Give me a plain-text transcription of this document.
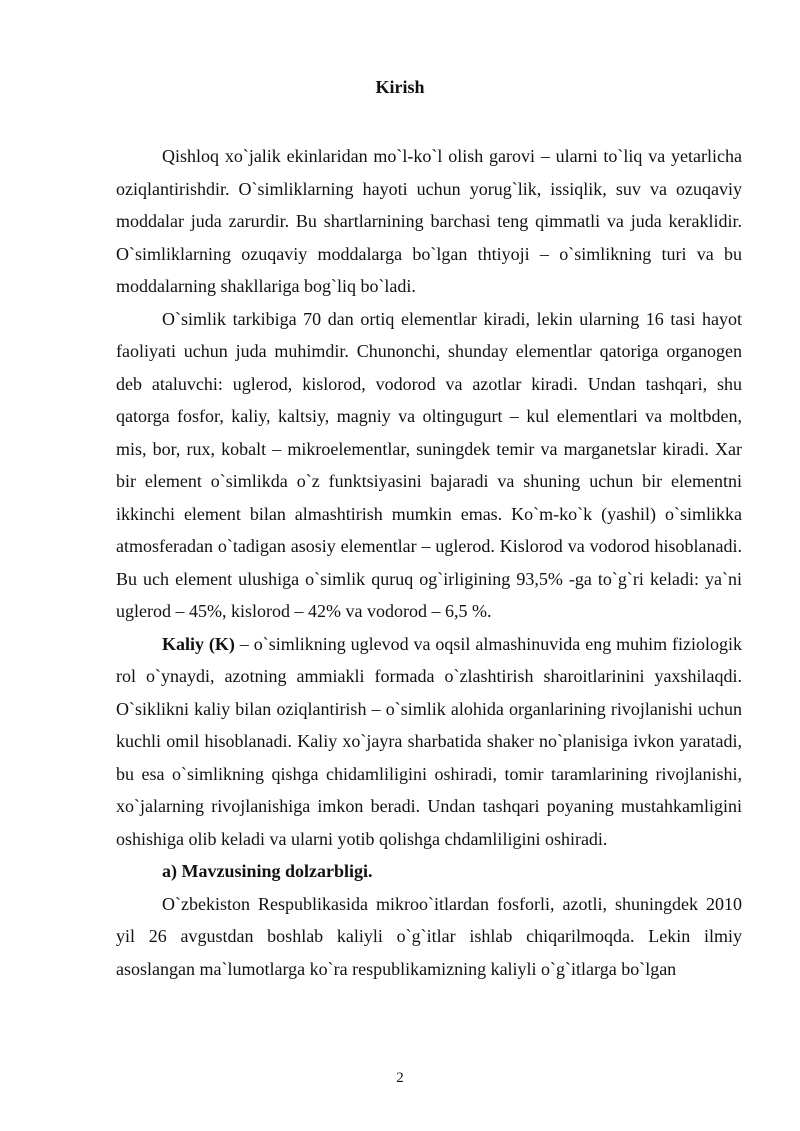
Kirish

Qishloq xo`jalik ekinlaridan mo`l-ko`l olish garovi – ularni to`liq va yetarlicha oziqlantirishdir. O`simliklarning hayoti uchun yorug`lik, issiqlik, suv va ozuqaviy moddalar juda zarurdir. Bu shartlarnining barchasi teng qimmatli va juda keraklidir. O`simliklarning ozuqaviy moddalarga bo`lgan thtiyoji – o`simlikning turi va bu moddalarning shakllariga bog`liq bo`ladi.

O`simlik tarkibiga 70 dan ortiq elementlar kiradi, lekin ularning 16 tasi hayot faoliyati uchun juda muhimdir. Chunonchi, shunday elementlar qatoriga organogen deb ataluvchi: uglerod, kislorod, vodorod va azotlar kiradi. Undan tashqari, shu qatorga fosfor, kaliy, kaltsiy, magniy va oltingugurt – kul elementlari va moltbden, mis, bor, rux, kobalt – mikroelementlar, suningdek temir va marganetslar kiradi. Xar bir element o`simlikda o`z funktsiyasini bajaradi va shuning uchun bir elementni ikkinchi element bilan almashtirish mumkin emas. Ko`m-ko`k (yashil) o`simlikka atmosferadan o`tadigan asosiy elementlar – uglerod. Kislorod va vodorod hisoblanadi. Bu uch element ulushiga o`simlik quruq og`irligining 93,5% -ga to`g`ri keladi: ya`ni uglerod – 45%, kislorod – 42% va vodorod – 6,5 %.

Kaliy (K) – o`simlikning uglevod va oqsil almashinuvida eng muhim fiziologik rol o`ynaydi, azotning ammiakli formada o`zlashtirish sharoitlarinini yaxshilaqdi. O`siklikni kaliy bilan oziqlantirish – o`simlik alohida organlarining rivojlanishi uchun kuchli omil hisoblanadi. Kaliy xo`jayra sharbatida shaker no`planisiga ivkon yaratadi, bu esa o`simlikning qishga chidamliligini oshiradi, tomir taramlarining rivojlanishi, xo`jalarning rivojlanishiga imkon beradi. Undan tashqari poyaning mustahkamligini oshishiga olib keladi va ularni yotib qolishga chdamliligini oshiradi.

a) Mavzusining dolzarbligi.

O`zbekiston Respublikasida mikroo`itlardan fosforli, azotli, shuningdek 2010 yil 26 avgustdan boshlab kaliyli o`g`itlar ishlab chiqarilmoqda. Lekin ilmiy asoslangan ma`lumotlarga ko`ra respublikamizning kaliyli o`g`itlarga bo`lgan

2
